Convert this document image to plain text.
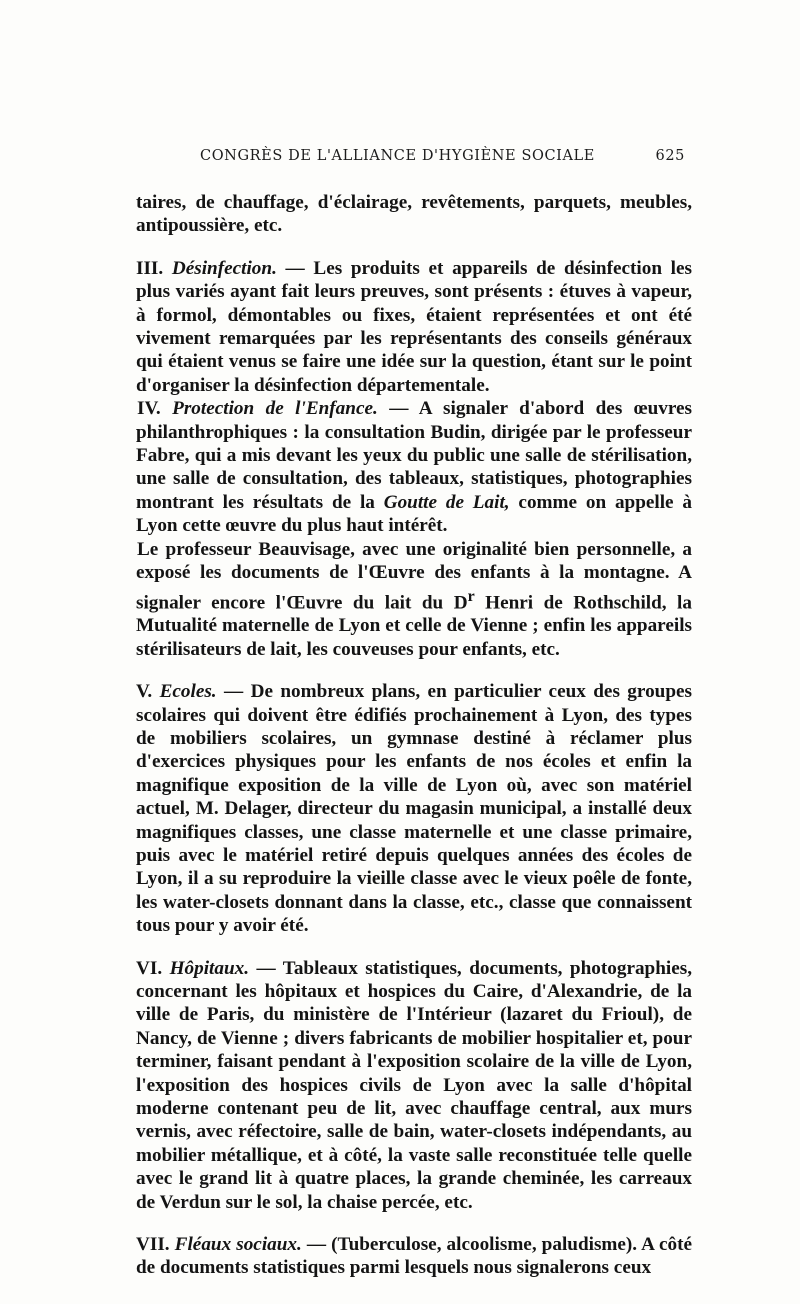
CONGRÈS DE L'ALLIANCE D'HYGIÈNE SOCIALE	625

taires, de chauffage, d'éclairage, revêtements, parquets, meubles, antipoussière, etc.

III. Désinfection. — Les produits et appareils de désinfection les plus variés ayant fait leurs preuves, sont présents : étuves à vapeur, à formol, démontables ou fixes, étaient représentées et ont été vivement remarquées par les représentants des conseils généraux qui étaient venus se faire une idée sur la question, étant sur le point d'organiser la désinfection départementale.

IV. Protection de l'Enfance. — A signaler d'abord des œuvres philanthrophiques : la consultation Budin, dirigée par le professeur Fabre, qui a mis devant les yeux du public une salle de stérilisation, une salle de consultation, des tableaux, statistiques, photographies montrant les résultats de la Goutte de Lait, comme on appelle à Lyon cette œuvre du plus haut intérêt.

Le professeur Beauvisage, avec une originalité bien personnelle, a exposé les documents de l'Œuvre des enfants à la montagne. A signaler encore l'Œuvre du lait du $D^r$ Henri de Rothschild, la Mutualité maternelle de Lyon et celle de Vienne ; enfin les appareils stérilisateurs de lait, les couveuses pour enfants, etc.

V. Ecoles. — De nombreux plans, en particulier ceux des groupes scolaires qui doivent être édifiés prochainement à Lyon, des types de mobiliers scolaires, un gymnase destiné à réclamer plus d'exercices physiques pour les enfants de nos écoles et enfin la magnifique exposition de la ville de Lyon où, avec son matériel actuel, M. Delager, directeur du magasin municipal, a installé deux magnifiques classes, une classe maternelle et une classe primaire, puis avec le matériel retiré depuis quelques années des écoles de Lyon, il a su reproduire la vieille classe avec le vieux poêle de fonte, les water-closets donnant dans la classe, etc., classe que connaissent tous pour y avoir été.

VI. Hôpitaux. — Tableaux statistiques, documents, photographies, concernant les hôpitaux et hospices du Caire, d'Alexandrie, de la ville de Paris, du ministère de l'Intérieur (lazaret du Frioul), de Nancy, de Vienne ; divers fabricants de mobilier hospitalier et, pour terminer, faisant pendant à l'exposition scolaire de la ville de Lyon, l'exposition des hospices civils de Lyon avec la salle d'hôpital moderne contenant peu de lit, avec chauffage central, aux murs vernis, avec réfectoire, salle de bain, water-closets indépendants, au mobilier métallique, et à côté, la vaste salle reconstituée telle quelle avec le grand lit à quatre places, la grande cheminée, les carreaux de Verdun sur le sol, la chaise percée, etc.

VII. Fléaux sociaux. — (Tuberculose, alcoolisme, paludisme). A côté de documents statistiques parmi lesquels nous signalerons ceux
